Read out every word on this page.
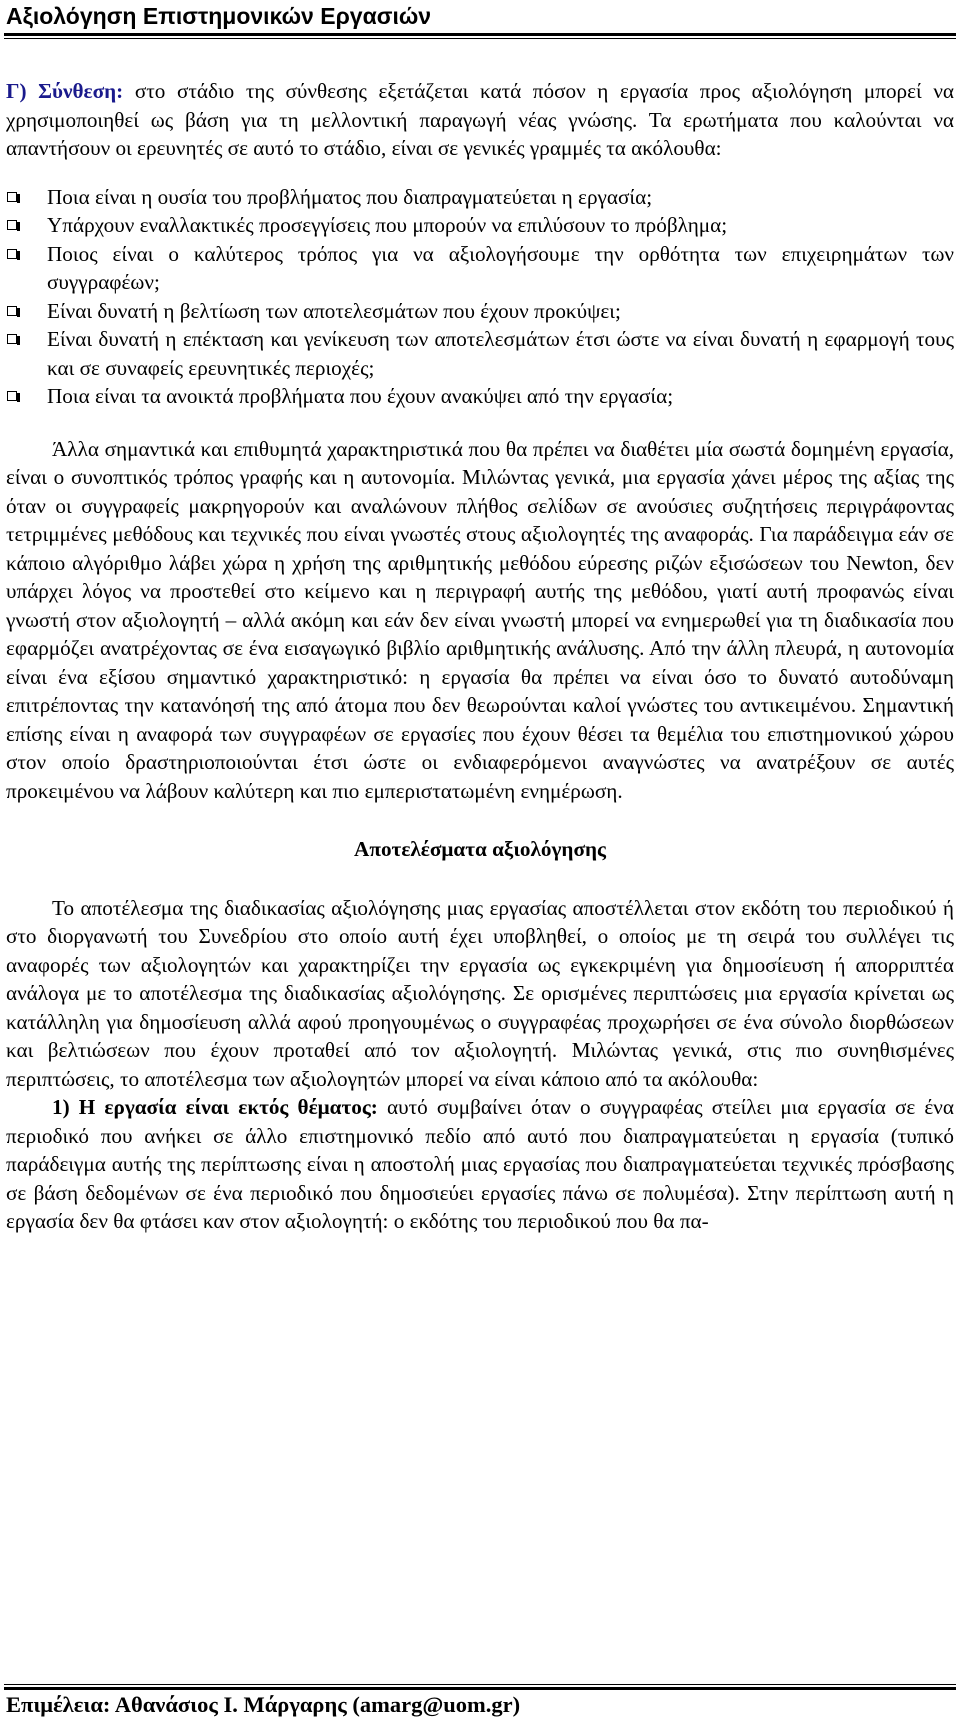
Αξιολόγηση Επιστημονικών Εργασιών

Γ) Σύνθεση: στο στάδιο της σύνθεσης εξετάζεται κατά πόσον η εργασία προς αξιολόγηση μπορεί να χρησιμοποιηθεί ως βάση για τη μελλοντική παραγωγή νέας γνώσης. Τα ερωτήματα που καλούνται να απαντήσουν οι ερευνητές σε αυτό το στάδιο, είναι σε γενικές γραμμές τα ακόλουθα:

Ποια είναι η ουσία του προβλήματος που διαπραγματεύεται η εργασία;
Υπάρχουν εναλλακτικές προσεγγίσεις που μπορούν να επιλύσουν το πρόβλημα;
Ποιος είναι ο καλύτερος τρόπος για να αξιολογήσουμε την ορθότητα των επιχειρημάτων των συγγραφέων;
Είναι δυνατή η βελτίωση των αποτελεσμάτων που έχουν προκύψει;
Είναι δυνατή η επέκταση και γενίκευση των αποτελεσμάτων έτσι ώστε να είναι δυνατή η εφαρμογή τους και σε συναφείς ερευνητικές περιοχές;
Ποια είναι τα ανοικτά προβλήματα που έχουν ανακύψει από την εργασία;

Άλλα σημαντικά και επιθυμητά χαρακτηριστικά που θα πρέπει να διαθέτει μία σωστά δομημένη εργασία, είναι ο συνοπτικός τρόπος γραφής και η αυτονομία. Μιλώντας γενικά, μια εργασία χάνει μέρος της αξίας της όταν οι συγγραφείς μακρηγορούν και αναλώνουν πλήθος σελίδων σε ανούσιες συζητήσεις περιγράφοντας τετριμμένες μεθόδους και τεχνικές που είναι γνωστές στους αξιολογητές της αναφοράς. Για παράδειγμα εάν σε κάποιο αλγόριθμο λάβει χώρα η χρήση της αριθμητικής μεθόδου εύρεσης ριζών εξισώσεων του Newton, δεν υπάρχει λόγος να προστεθεί στο κείμενο και η περιγραφή αυτής της μεθόδου, γιατί αυτή προφανώς είναι γνωστή στον αξιολογητή – αλλά ακόμη και εάν δεν είναι γνωστή μπορεί να ενημερωθεί για τη διαδικασία που εφαρμόζει ανατρέχοντας σε ένα εισαγωγικό βιβλίο αριθμητικής ανάλυσης. Από την άλλη πλευρά, η αυτονομία είναι ένα εξίσου σημαντικό χαρακτηριστικό: η εργασία θα πρέπει να είναι όσο το δυνατό αυτοδύναμη επιτρέποντας την κατανόησή της από άτομα που δεν θεωρούνται καλοί γνώστες του αντικειμένου. Σημαντική επίσης είναι η αναφορά των συγγραφέων σε εργασίες που έχουν θέσει τα θεμέλια του επιστημονικού χώρου στον οποίο δραστηριοποιούνται έτσι ώστε οι ενδιαφερόμενοι αναγνώστες να ανατρέξουν σε αυτές προκειμένου να λάβουν καλύτερη και πιο εμπεριστατωμένη ενημέρωση.

Αποτελέσματα αξιολόγησης

Το αποτέλεσμα της διαδικασίας αξιολόγησης μιας εργασίας αποστέλλεται στον εκδότη του περιοδικού ή στο διοργανωτή του Συνεδρίου στο οποίο αυτή έχει υποβληθεί, ο οποίος με τη σειρά του συλλέγει τις αναφορές των αξιολογητών και χαρακτηρίζει την εργασία ως εγκεκριμένη για δημοσίευση ή απορριπτέα ανάλογα με το αποτέλεσμα της διαδικασίας αξιολόγησης. Σε ορισμένες περιπτώσεις μια εργασία κρίνεται ως κατάλληλη για δημοσίευση αλλά αφού προηγουμένως ο συγγραφέας προχωρήσει σε ένα σύνολο διορθώσεων και βελτιώσεων που έχουν προταθεί από τον αξιολογητή. Μιλώντας γενικά, στις πιο συνηθισμένες περιπτώσεις, το αποτέλεσμα των αξιολογητών μπορεί να είναι κάποιο από τα ακόλουθα:

1) Η εργασία είναι εκτός θέματος: αυτό συμβαίνει όταν ο συγγραφέας στείλει μια εργασία σε ένα περιοδικό που ανήκει σε άλλο επιστημονικό πεδίο από αυτό που διαπραγματεύεται η εργασία (τυπικό παράδειγμα αυτής της περίπτωσης είναι η αποστολή μιας εργασίας που διαπραγματεύεται τεχνικές πρόσβασης σε βάση δεδομένων σε ένα περιοδικό που δημοσιεύει εργασίες πάνω σε πολυμέσα). Στην περίπτωση αυτή η εργασία δεν θα φτάσει καν στον αξιολογητή: ο εκδότης του περιοδικού που θα πα-

Επιμέλεια: Αθανάσιος Ι. Μάργαρης (amarg@uom.gr)
